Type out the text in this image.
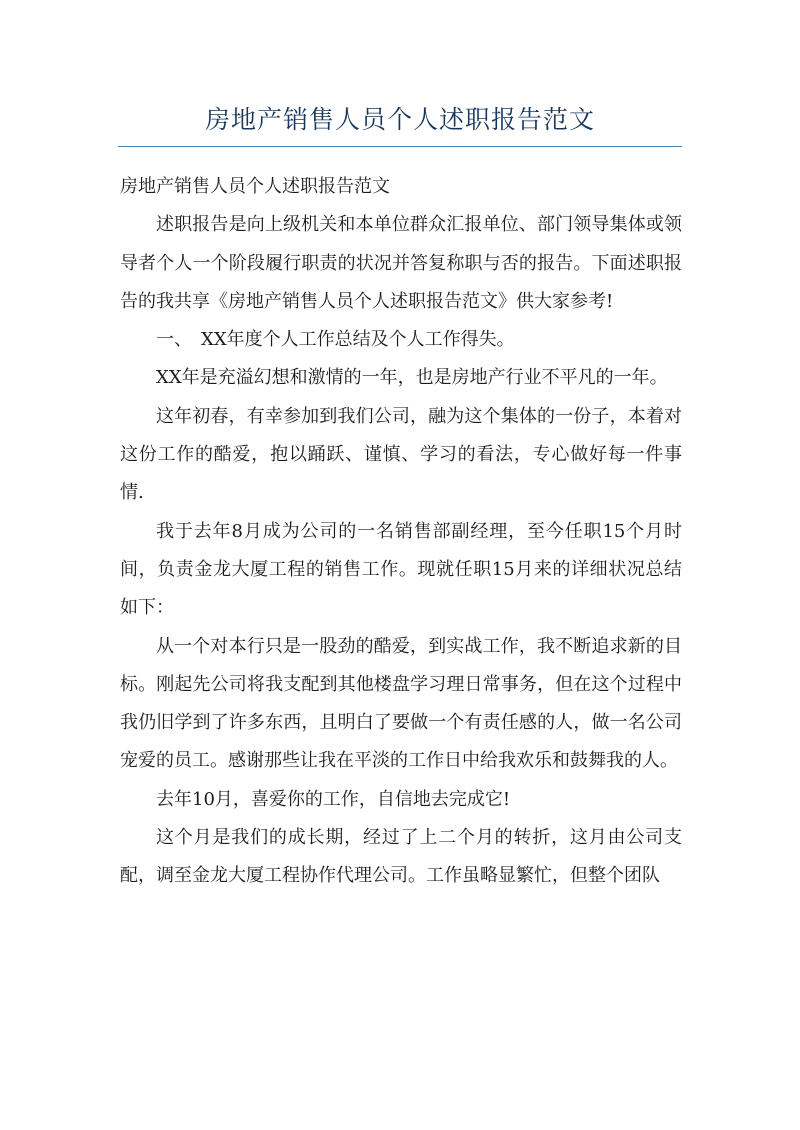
房地产销售人员个人述职报告范文

房地产销售人员个人述职报告范文

述职报告是向上级机关和本单位群众汇报单位、部门领导集体或领导者个人一个阶段履行职责的状况并答复称职与否的报告。下面述职报告的我共享《房地产销售人员个人述职报告范文》供大家参考!

一、　XX年度个人工作总结及个人工作得失。

XX年是充溢幻想和激情的一年，也是房地产行业不平凡的一年。

这年初春，有幸参加到我们公司，融为这个集体的一份子，本着对这份工作的酷爱，抱以踊跃、谨慎、学习的看法，专心做好每一件事情.

我于去年8月成为公司的一名销售部副经理，至今任职15个月时间，负责金龙大厦工程的销售工作。现就任职15月来的详细状况总结如下：

从一个对本行只是一股劲的酷爱，到实战工作，我不断追求新的目标。刚起先公司将我支配到其他楼盘学习理日常事务，但在这个过程中我仍旧学到了许多东西，且明白了要做一个有责任感的人，做一名公司宠爱的员工。感谢那些让我在平淡的工作日中给我欢乐和鼓舞我的人。

去年10月，喜爱你的工作，自信地去完成它!

这个月是我们的成长期，经过了上二个月的转折，这月由公司支配，调至金龙大厦工程协作代理公司。工作虽略显繁忙，但整个团队
